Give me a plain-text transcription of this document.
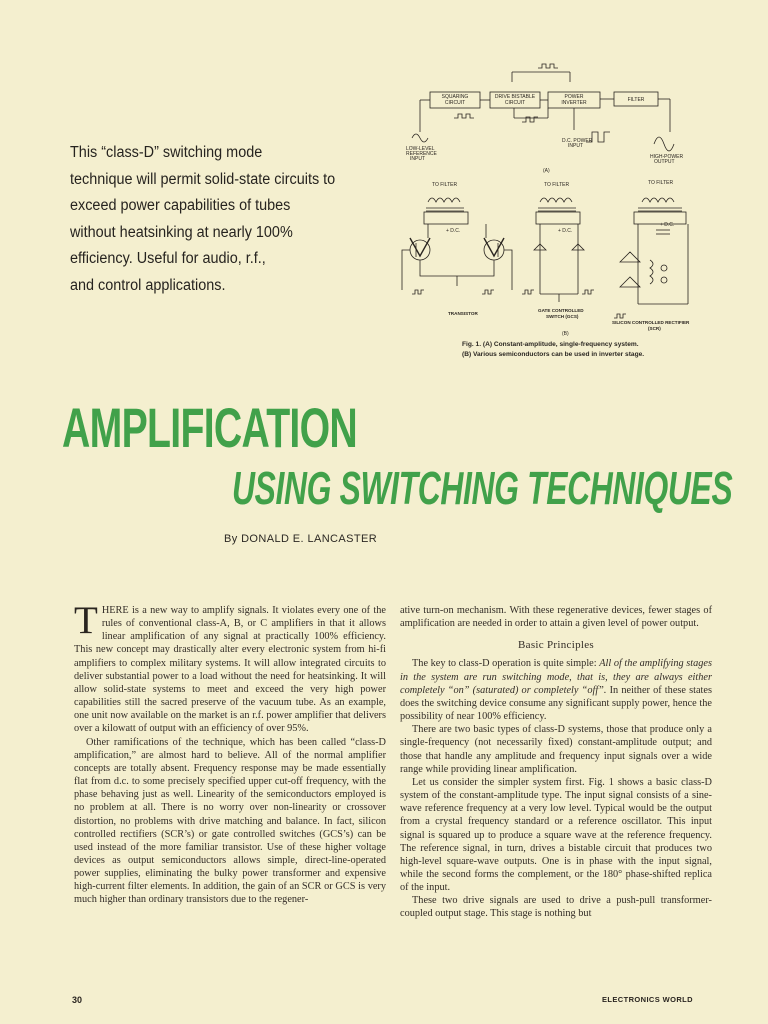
This “class-D” switching mode
technique will permit solid-state circuits to
exceed power capabilities of tubes
without heatsinking at nearly 100%
efficiency. Useful for audio, r.f.,
and control applications.
SQUARING
CIRCUIT
DRIVE BISTABLE
CIRCUIT
POWER
INVERTER	FILTER
LOW-LEVEL
REFERENCE
INPUT
D.C. POWER
INPUT
HIGH-POWER
OUTPUT
(A)
TO FILTER	TO FILTER	TO FILTER
+ D.C.	+ D.C.
+ D.C.
TRANSISTOR
GATE CONTROLLED
SWITCH (GCS)
SILICON CONTROLLED RECTIFIER
(SCR)
(B)
Fig. 1. (A) Constant-amplitude, single-frequency system.
(B) Various semiconductors can be used in inverter stage.
AMPLIFICATION
USING SWITCHING TECHNIQUES
By DONALD E. LANCASTER

THERE is a new way to amplify signals. It violates every one of the rules of conventional class-A, B, or C amplifiers in that it allows linear amplification of any signal at practically 100% efficiency. This new concept may drastically alter every electronic system from hi-fi amplifiers to complex military systems. It will allow integrated circuits to deliver substantial power to a load without the need for heatsinking. It will allow solid-state systems to meet and exceed the very high power capabilities still the sacred preserve of the vacuum tube. As an example, one unit now available on the market is an r.f. power amplifier that delivers over a kilowatt of output with an efficiency of over 95%.

Other ramifications of the technique, which has been called “class-D amplification,” are almost hard to believe. All of the normal amplifier concepts are totally absent. Frequency response may be made essentially flat from d.c. to some precisely specified upper cut-off frequency, with the phase behaving just as well. Linearity of the semiconductors employed is no problem at all. There is no worry over non-linearity or crossover distortion, no problems with drive matching and balance. In fact, silicon controlled rectifiers (SCR’s) or gate controlled switches (GCS’s) can be used instead of the more familiar transistor. Use of these higher voltage devices as output semiconductors allows simple, direct-line-operated power supplies, eliminating the bulky power transformer and expensive high-current filter elements. In addition, the gain of an SCR or GCS is very much higher than ordinary transistors due to the regener-

ative turn-on mechanism. With these regenerative devices, fewer stages of amplification are needed in order to attain a given level of power output.

Basic Principles

The key to class-D operation is quite simple: All of the amplifying stages in the system are run switching mode, that is, they are always either completely “on” (saturated) or completely “off”. In neither of these states does the switching device consume any significant supply power, hence the possibility of near 100% efficiency.

There are two basic types of class-D systems, those that produce only a single-frequency (not necessarily fixed) constant-amplitude output; and those that handle any amplitude and frequency input signals over a wide range while providing linear amplification.

Let us consider the simpler system first. Fig. 1 shows a basic class-D system of the constant-amplitude type. The input signal consists of a sine-wave reference frequency at a very low level. Typical would be the output from a crystal frequency standard or a reference oscillator. This input signal is squared up to produce a square wave at the reference frequency. The reference signal, in turn, drives a bistable circuit that produces two high-level square-wave outputs. One is in phase with the input signal, while the second forms the complement, or the 180° phase-shifted replica of the input.

These two drive signals are used to drive a push-pull transformer-coupled output stage. This stage is nothing but

30	ELECTRONICS WORLD
